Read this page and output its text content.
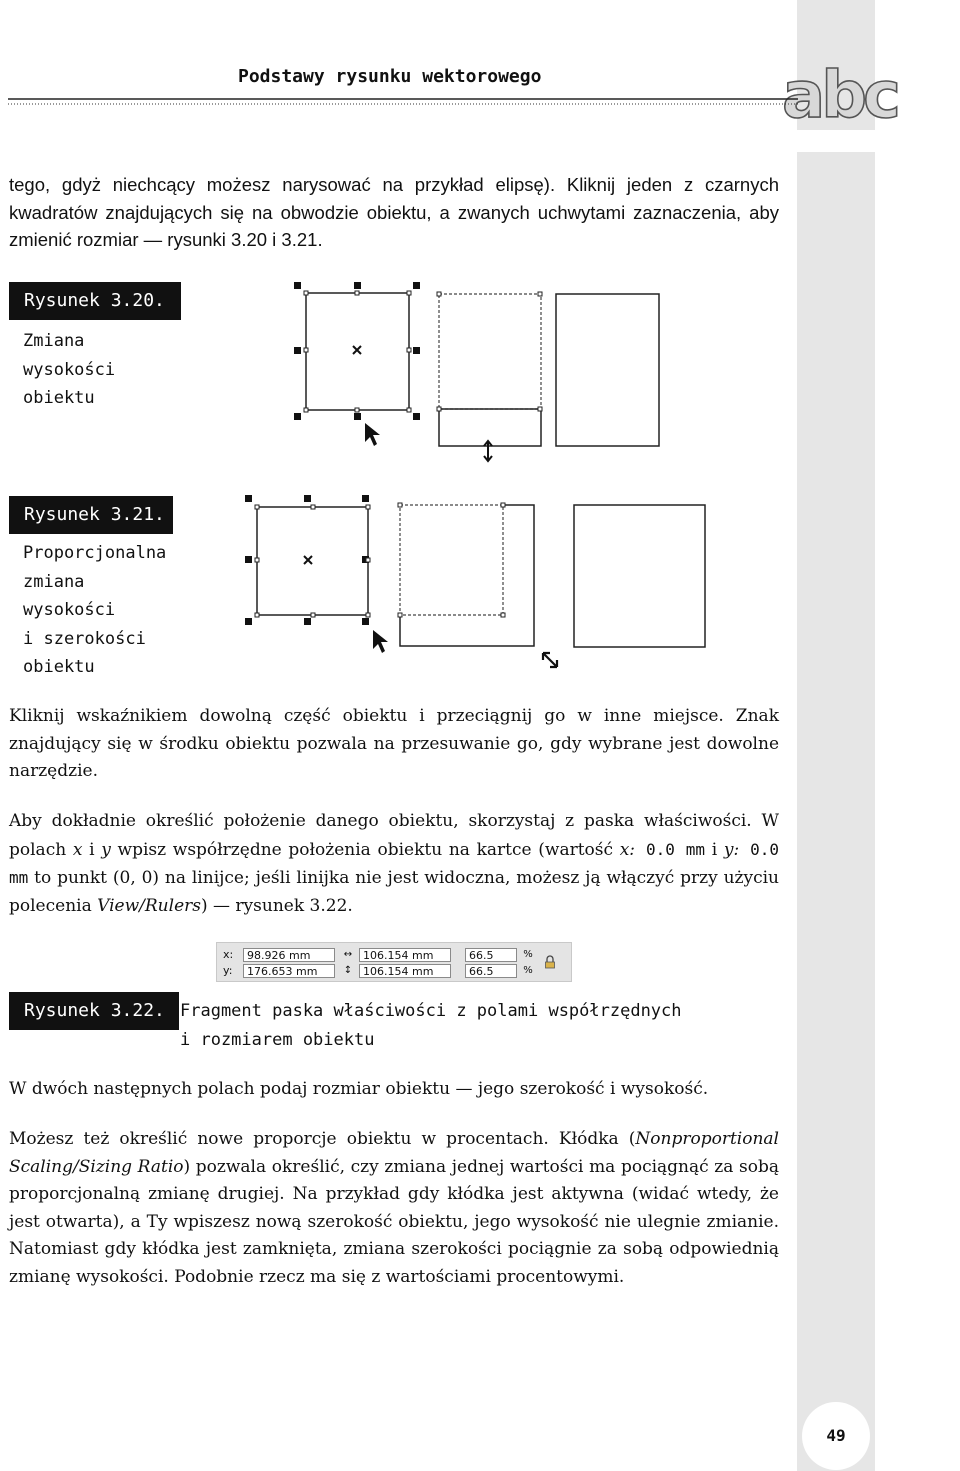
abc
Podstawy rysunku wektorowego

tego, gdyż niechcący możesz narysować na przykład elipsę). Kliknij jeden z czarnych kwadratów znajdujących się na obwodzie obiektu, a zwanych uchwytami zaznaczenia, aby zmienić rozmiar — rysunki 3.20 i 3.21.

Rysunek 3.20.

Zmiana
wysokości
obiektu

Rysunek 3.21.

Proporcjonalna
zmiana
wysokości
i szerokości
obiektu

Kliknij wskaźnikiem dowolną część obiektu i przeciągnij go w inne miejsce. Znak znajdujący się w środku obiektu pozwala na przesuwanie go, gdy wybrane jest dowolne narzędzie.

Aby dokładnie określić położenie danego obiektu, skorzystaj z paska właściwości. W polach x i y wpisz współrzędne położenia obiektu na kartce (wartość x: 0.0 mm i y: 0.0 mm to punkt (0, 0) na linijce; jeśli linijka nie jest widoczna, możesz ją włączyć przy użyciu polecenia View/Rulers) — rysunek 3.22.

x:
y:
98.926 mm
176.653 mm
↔
↕
106.154 mm
106.154 mm
66.5
66.5
%
%
Rysunek 3.22. Fragment paska właściwości z polami współrzędnych
i rozmiarem obiektu

W dwóch następnych polach podaj rozmiar obiektu — jego szerokość i wysokość.

Możesz też określić nowe proporcje obiektu w procentach. Kłódka (Nonproportional Scaling/Sizing Ratio) pozwala określić, czy zmiana jednej wartości ma pociągnąć za sobą proporcjonalną zmianę drugiej. Na przykład gdy kłódka jest aktywna (widać wtedy, że jest otwarta), a Ty wpiszesz nową szerokość obiektu, jego wysokość nie ulegnie zmianie. Natomiast gdy kłódka jest zamknięta, zmiana szerokości pociągnie za sobą odpowiednią zmianę wysokości. Podobnie rzecz ma się z wartościami procentowymi.

49
